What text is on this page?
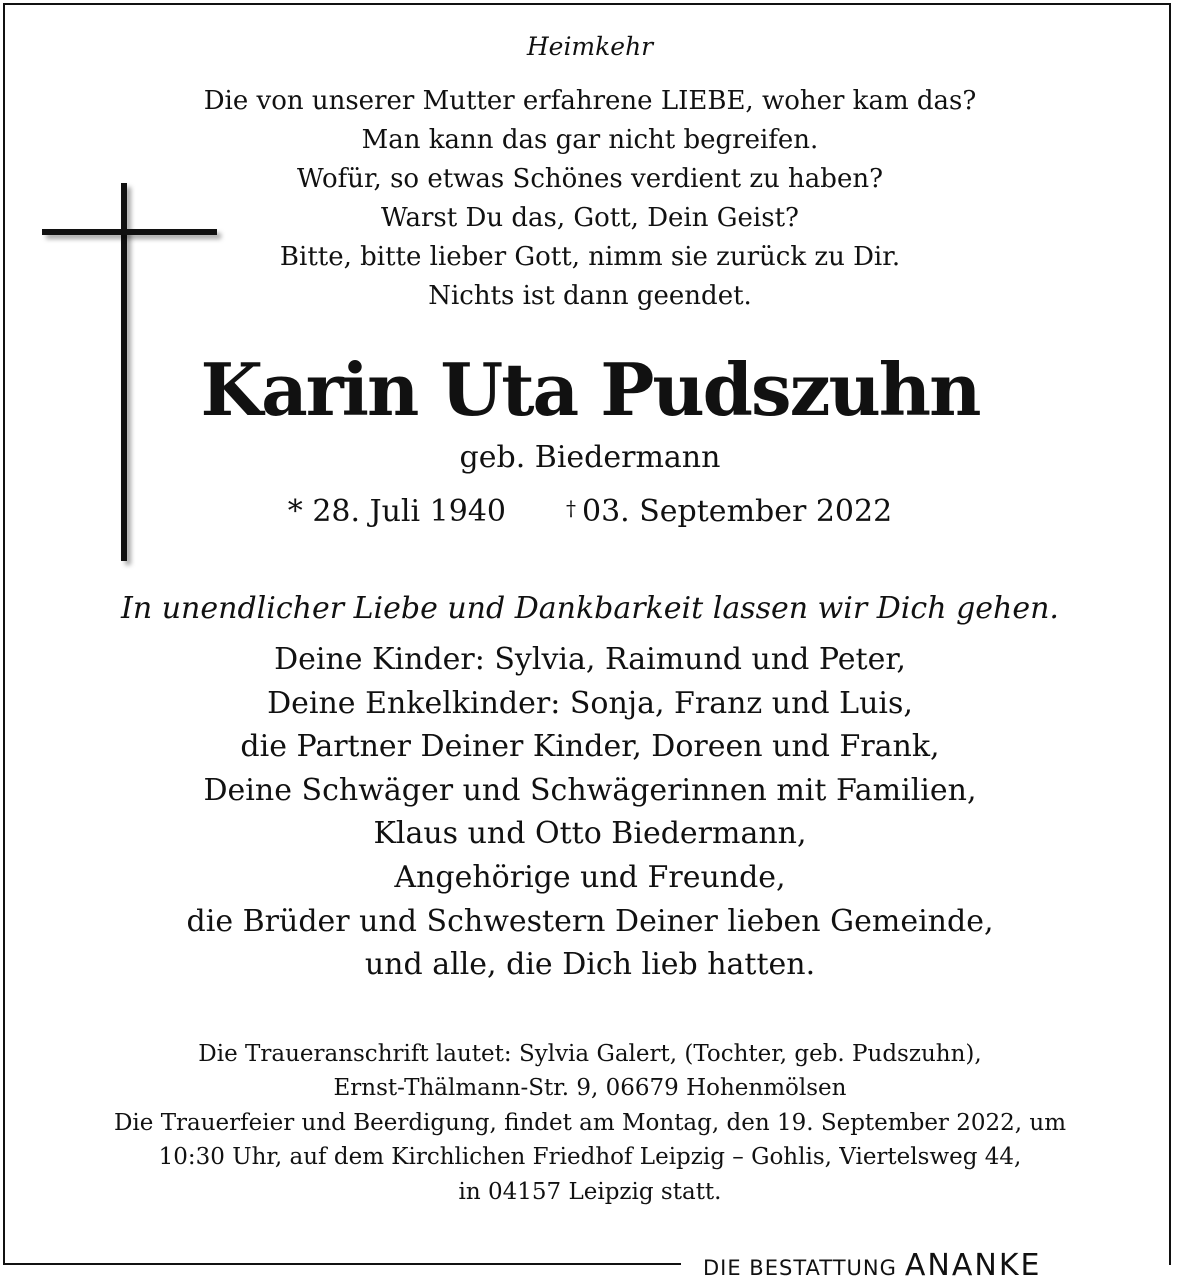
Heimkehr
Die von unserer Mutter erfahrene LIEBE, woher kam das?
Man kann das gar nicht begreifen.
Wofür, so etwas Schönes verdient zu haben?
Warst Du das, Gott, Dein Geist?
Bitte, bitte lieber Gott, nimm sie zurück zu Dir.
Nichts ist dann geendet.
Karin Uta Pudszuhn
geb. Biedermann
* 28. Juli 1940	† 03. September 2022
In unendlicher Liebe und Dankbarkeit lassen wir Dich gehen.
Deine Kinder: Sylvia, Raimund und Peter,
Deine Enkelkinder: Sonja, Franz und Luis,
die Partner Deiner Kinder, Doreen und Frank,
Deine Schwäger und Schwägerinnen mit Familien,
Klaus und Otto Biedermann,
Angehörige und Freunde,
die Brüder und Schwestern Deiner lieben Gemeinde,
und alle, die Dich lieb hatten.
Die Traueranschrift lautet: Sylvia Galert, (Tochter, geb. Pudszuhn),
Ernst-Thälmann-Str. 9, 06679 Hohenmölsen
Die Trauerfeier und Beerdigung, findet am Montag, den 19. September 2022, um
10:30 Uhr, auf dem Kirchlichen Friedhof Leipzig – Gohlis, Viertelsweg 44,
in 04157 Leipzig statt.
DIE BESTATTUNG ANANKE
